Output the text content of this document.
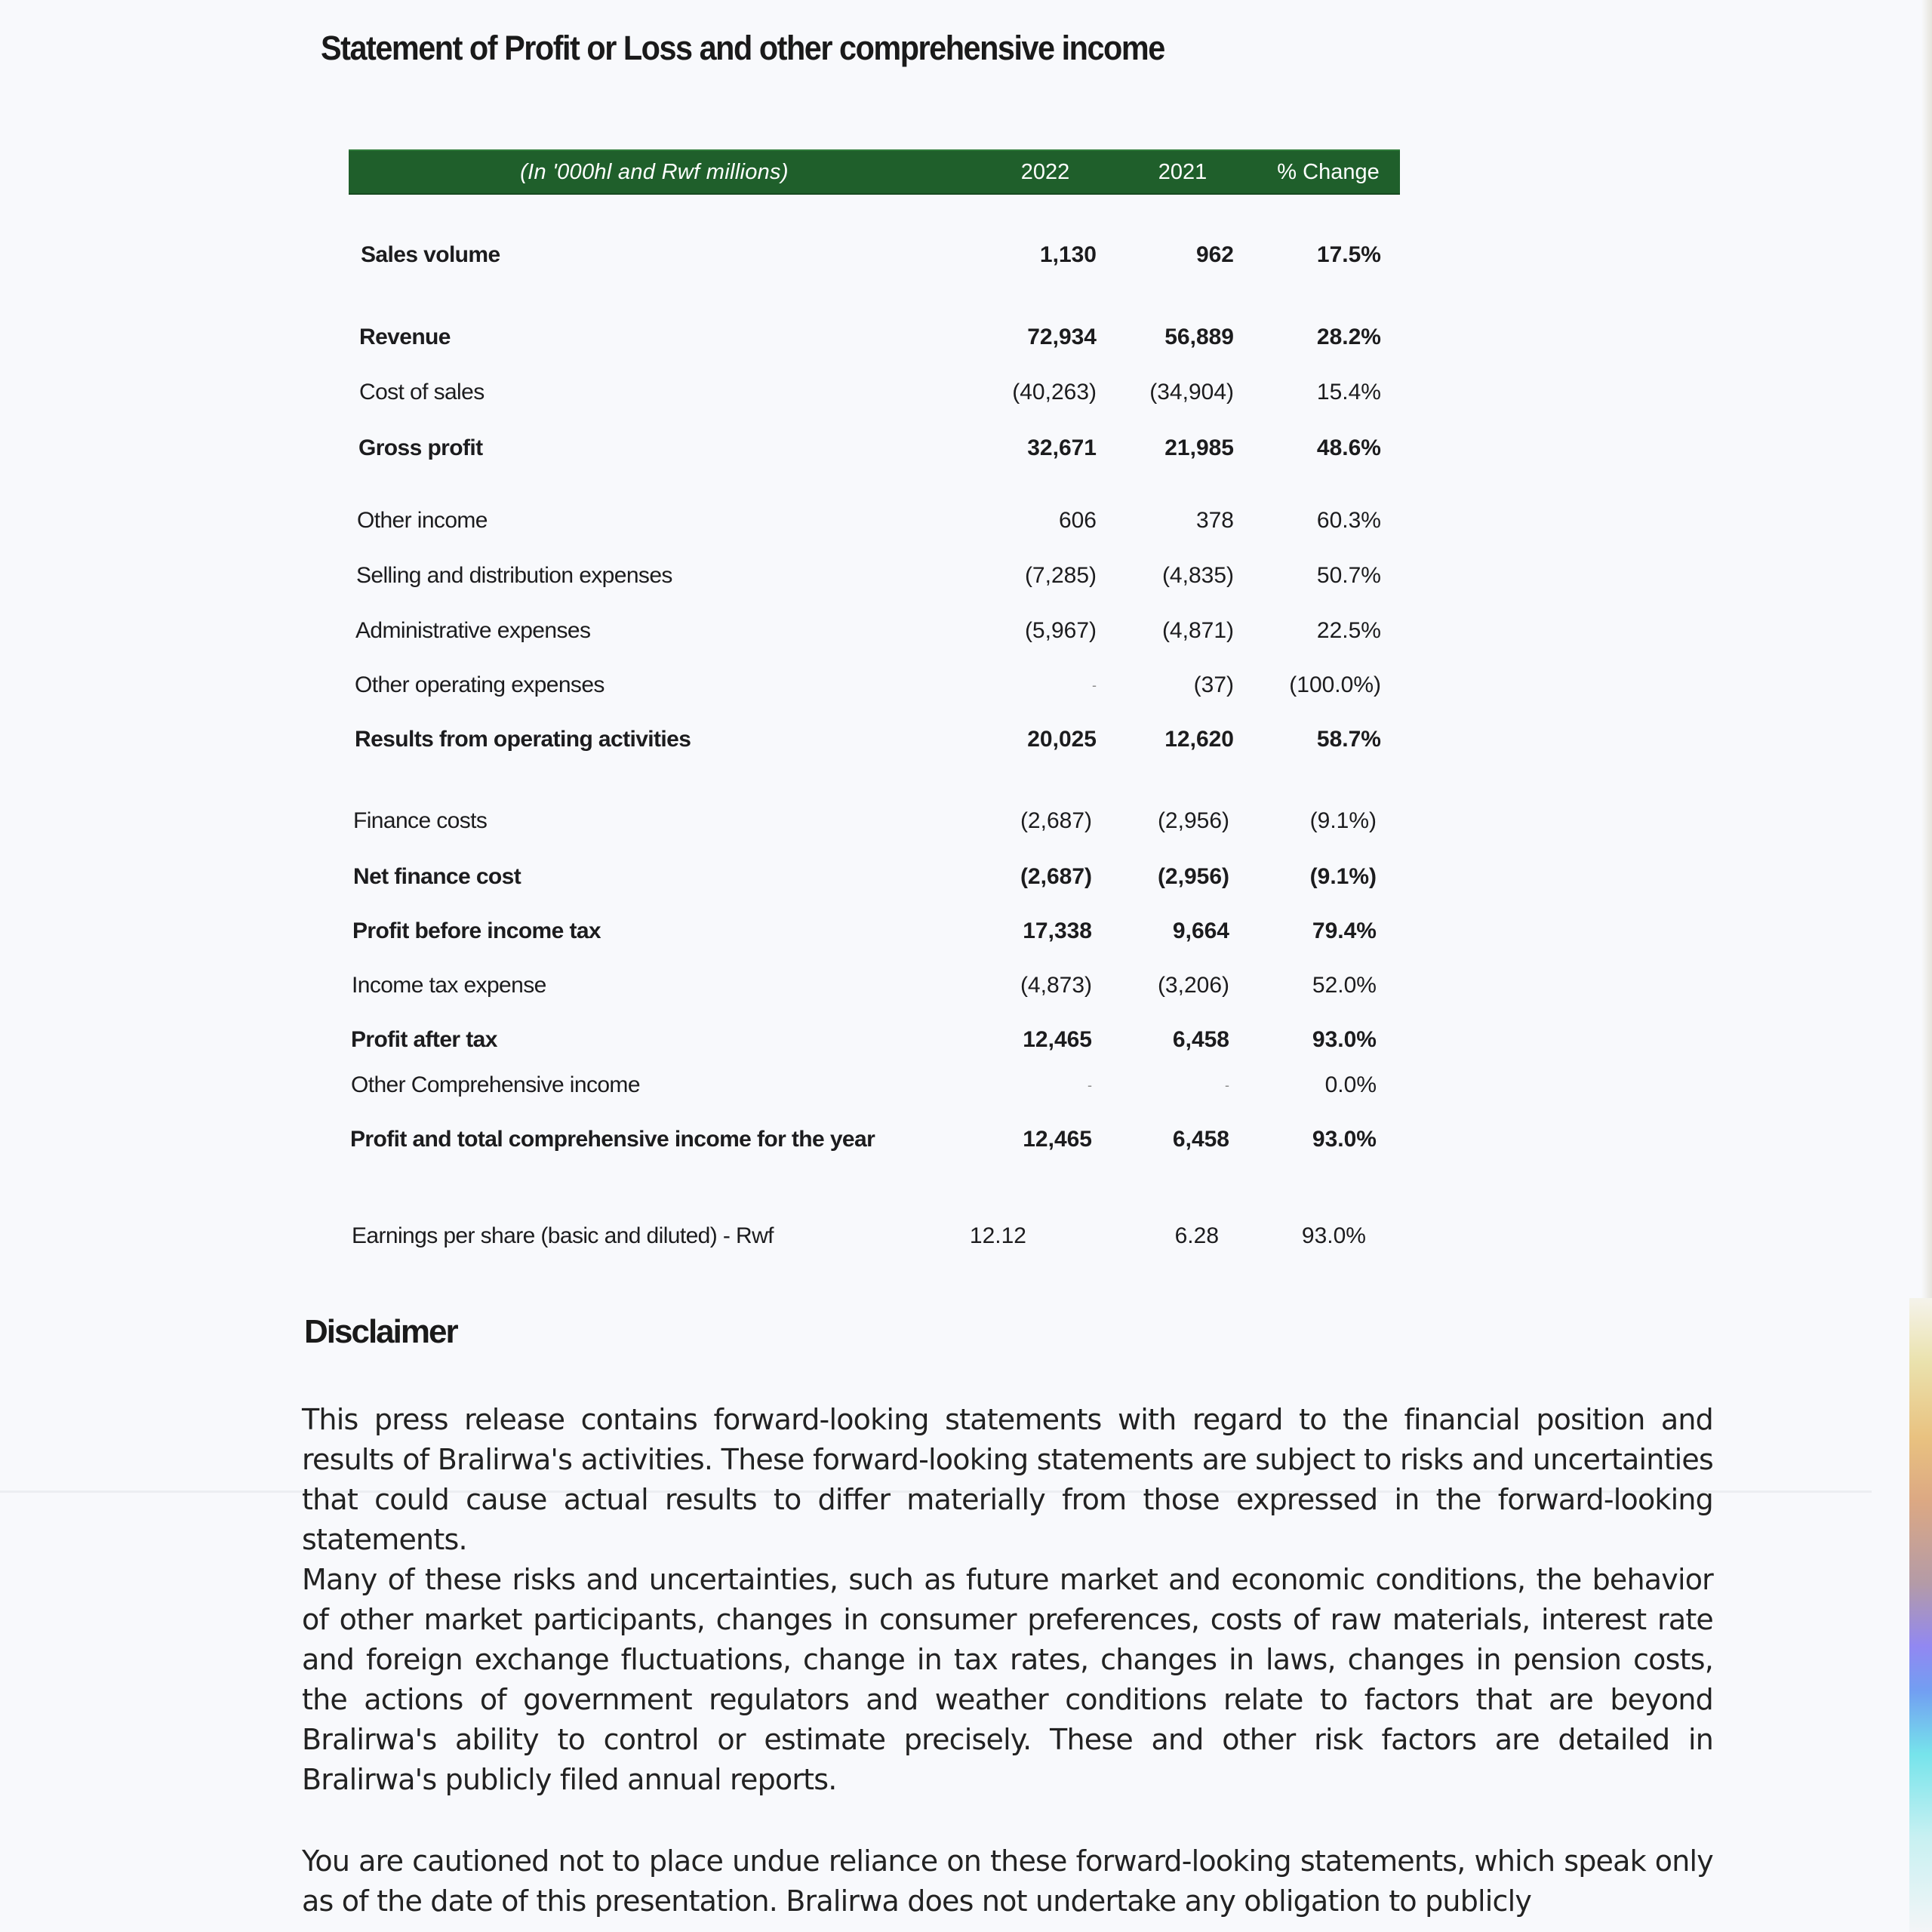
Statement of Profit or Loss and other comprehensive income
(In '000hl and Rwf millions)	2022	2021	% Change
Sales volume	1,130	962	17.5%
Revenue	72,934	56,889	28.2%
Cost of sales	(40,263)	(34,904)	15.4%
Gross profit	32,671	21,985	48.6%
Other income	606	378	60.3%
Selling and distribution expenses	(7,285)	(4,835)	50.7%
Administrative expenses	(5,967)	(4,871)	22.5%
Other operating expenses	-	(37)	(100.0%)
Results from operating activities	20,025	12,620	58.7%
Finance costs	(2,687)	(2,956)	(9.1%)
Net finance cost	(2,687)	(2,956)	(9.1%)
Profit before income tax	17,338	9,664	79.4%
Income tax expense	(4,873)	(3,206)	52.0%
Profit after tax	12,465	6,458	93.0%
Other Comprehensive income	-	-	0.0%
Profit and total comprehensive income for the year	12,465	6,458	93.0%
Earnings per share (basic and diluted) - Rwf	12.12	6.28	93.0%
Disclaimer
This press release contains forward-looking statements with regard to the financial position and results of Bralirwa's activities. These forward-looking statements are subject to risks and uncertainties that could cause actual results to differ materially from those expressed in the forward-looking statements.
Many of these risks and uncertainties, such as future market and economic conditions, the behavior of other market participants, changes in consumer preferences, costs of raw materials, interest rate and foreign exchange fluctuations, change in tax rates, changes in laws, changes in pension costs, the actions of government regulators and weather conditions relate to factors that are beyond Bralirwa's ability to control or estimate precisely. These and other risk factors are detailed in Bralirwa's publicly filed annual reports.
You are cautioned not to place undue reliance on these forward-looking statements, which speak only as of the date of this presentation. Bralirwa does not undertake any obligation to publicly
